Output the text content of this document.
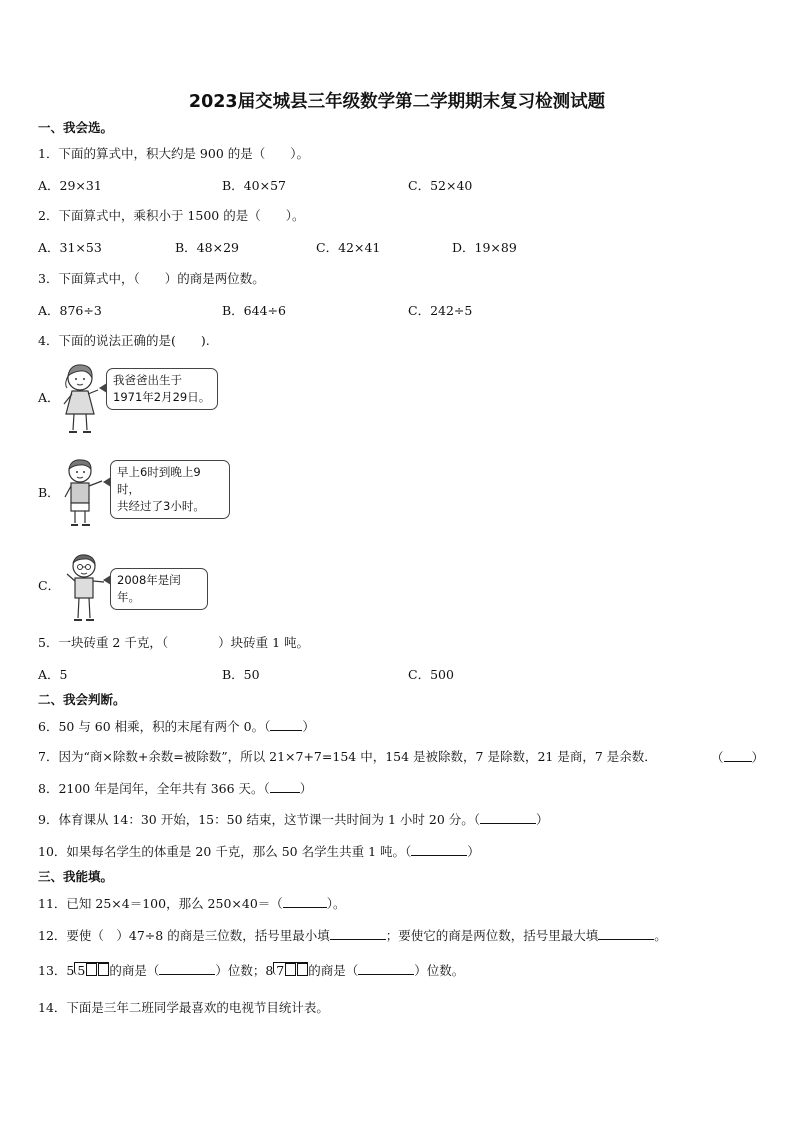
2023届交城县三年级数学第二学期期末复习检测试题
一、我会选。
1．下面的算式中，积大约是 900 的是（　　）。
A．29×31	B．40×57	C．52×40
2．下面算式中，乘积小于 1500 的是（　　）。
A．31×53	B．48×29	C．42×41	D．19×89
3．下面算式中，（　　）的商是两位数。
A．876÷3	B．644÷6	C．242÷5
4．下面的说法正确的是(　　).
A．
我爸爸出生于
1971年2月29日。
B．
早上6时到晚上9时，
共经过了3小时。
C．	2008年是闰年。
5．一块砖重 2 千克，（　　　　）块砖重 1 吨。
A．5	B．50	C．500
二、我会判断。
6．50 与 60 相乘，积的末尾有两个 0。（	）
7．因为“商×除数+余数=被除数”，所以 21×7+7=154 中，154 是被除数，7 是除数，21 是商，7 是余数．	（ ）
8．2100 年是闰年，全年共有 366 天。（ ）
9．体育课从 14：30 开始，15：50 结束，这节课一共时间为 1 小时 20 分。（	）
10．如果每名学生的体重是 20 千克，那么 50 名学生共重 1 吨。（	）
三、我能填。
11．已知 25×4＝100，那么 250×40＝（	）。
12．要使（　）47÷8 的商是三位数，括号里最小填	；要使它的商是两位数，括号里最大填	。
13．5 5 的商是（	）位数；8 7 的商是（	）位数。
14．下面是三年二班同学最喜欢的电视节目统计表。
